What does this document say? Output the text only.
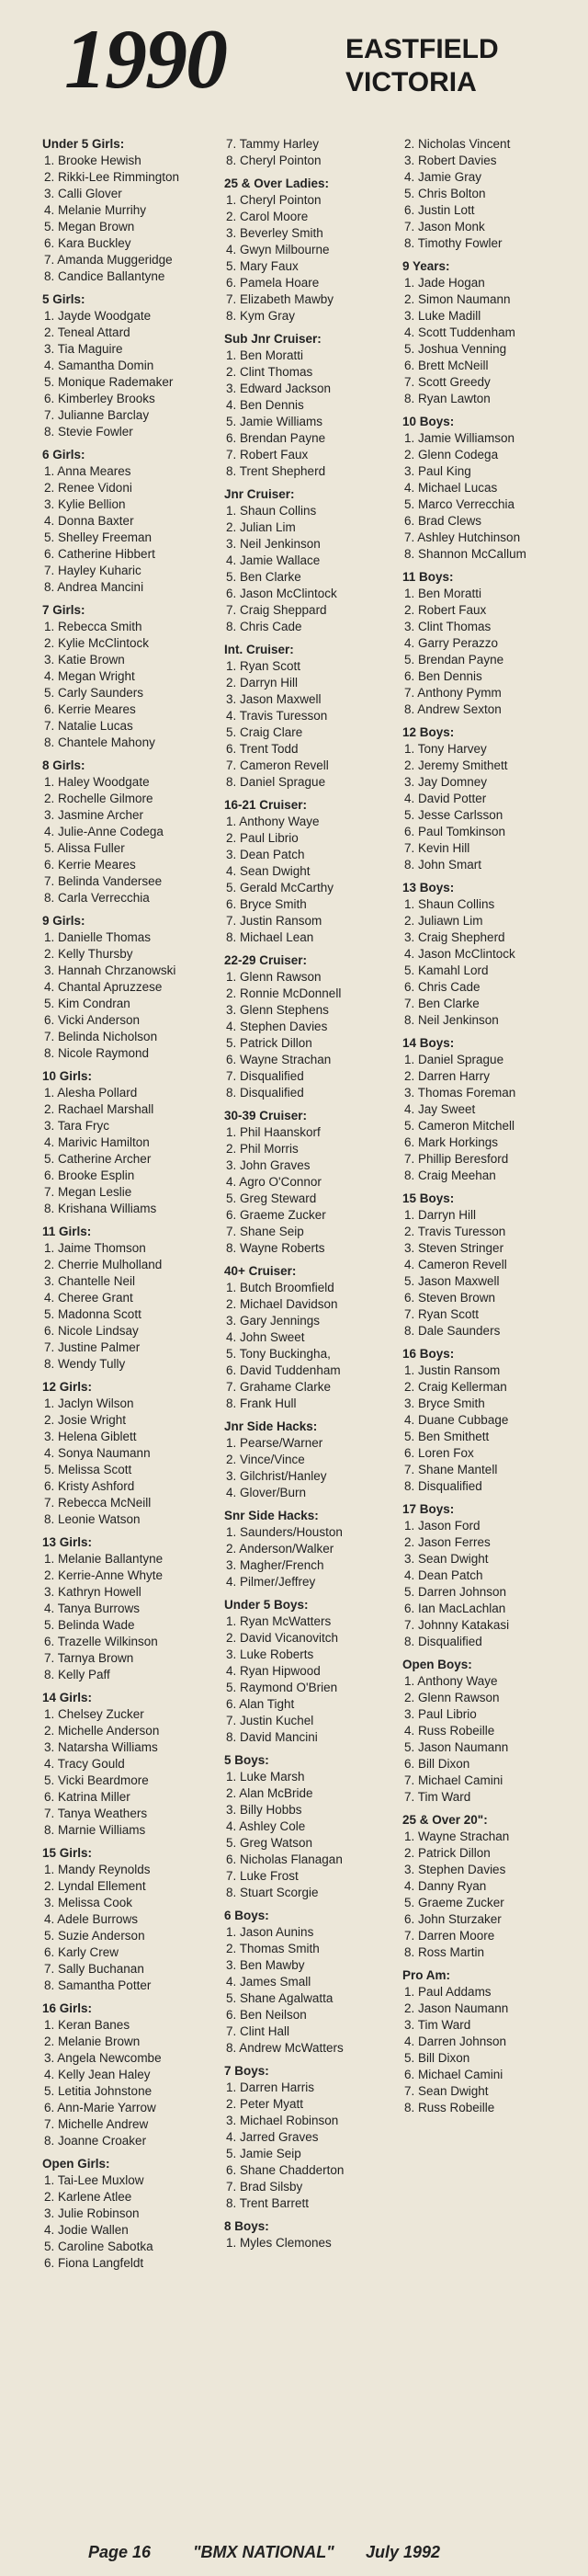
1990	EASTFIELD
VICTORIA
Under 5 Girls:
1. Brooke Hewish
2. Rikki-Lee Rimmington
3. Calli Glover
4. Melanie Murrihy
5. Megan Brown
6. Kara Buckley
7. Amanda Muggeridge
8. Candice Ballantyne
5 Girls:
1. Jayde Woodgate
2. Teneal Attard
3. Tia Maguire
4. Samantha Domin
5. Monique Rademaker
6. Kimberley Brooks
7. Julianne Barclay
8. Stevie Fowler
6 Girls:
1. Anna Meares
2. Renee Vidoni
3. Kylie Bellion
4. Donna Baxter
5. Shelley Freeman
6. Catherine Hibbert
7. Hayley Kuharic
8. Andrea Mancini
7 Girls:
1. Rebecca Smith
2. Kylie McClintock
3. Katie Brown
4. Megan Wright
5. Carly Saunders
6. Kerrie Meares
7. Natalie Lucas
8. Chantele Mahony
8 Girls:
1. Haley Woodgate
2. Rochelle Gilmore
3. Jasmine Archer
4. Julie-Anne Codega
5. Alissa Fuller
6. Kerrie Meares
7. Belinda Vandersee
8. Carla Verrecchia
9 Girls:
1. Danielle Thomas
2. Kelly Thursby
3. Hannah Chrzanowski
4. Chantal Apruzzese
5. Kim Condran
6. Vicki Anderson
7. Belinda Nicholson
8. Nicole Raymond
10 Girls:
1. Alesha Pollard
2. Rachael Marshall
3. Tara Fryc
4. Marivic Hamilton
5. Catherine Archer
6. Brooke Esplin
7. Megan Leslie
8. Krishana Williams
11 Girls:
1. Jaime Thomson
2. Cherrie Mulholland
3. Chantelle Neil
4. Cheree Grant
5. Madonna Scott
6. Nicole Lindsay
7. Justine Palmer
8. Wendy Tully
12 Girls:
1. Jaclyn Wilson
2. Josie Wright
3. Helena Giblett
4. Sonya Naumann
5. Melissa Scott
6. Kristy Ashford
7. Rebecca McNeill
8. Leonie Watson
13 Girls:
1. Melanie Ballantyne
2. Kerrie-Anne Whyte
3. Kathryn Howell
4. Tanya Burrows
5. Belinda Wade
6. Trazelle Wilkinson
7. Tarnya Brown
8. Kelly Paff
14 Girls:
1. Chelsey Zucker
2. Michelle Anderson
3. Natarsha Williams
4. Tracy Gould
5. Vicki Beardmore
6. Katrina Miller
7. Tanya Weathers
8. Marnie Williams
15 Girls:
1. Mandy Reynolds
2. Lyndal Ellement
3. Melissa Cook
4. Adele Burrows
5. Suzie Anderson
6. Karly Crew
7. Sally Buchanan
8. Samantha Potter
16 Girls:
1. Keran Banes
2. Melanie Brown
3. Angela Newcombe
4. Kelly Jean Haley
5. Letitia Johnstone
6. Ann-Marie Yarrow
7. Michelle Andrew
8. Joanne Croaker
Open Girls:
1. Tai-Lee Muxlow
2. Karlene Atlee
3. Julie Robinson
4. Jodie Wallen
5. Caroline Sabotka
6. Fiona Langfeldt
7. Tammy Harley
8. Cheryl Pointon
25 & Over Ladies:
1. Cheryl Pointon
2. Carol Moore
3. Beverley Smith
4. Gwyn Milbourne
5. Mary Faux
6. Pamela Hoare
7. Elizabeth Mawby
8. Kym Gray
Sub Jnr Cruiser:
1. Ben Moratti
2. Clint Thomas
3. Edward Jackson
4. Ben Dennis
5. Jamie Williams
6. Brendan Payne
7. Robert Faux
8. Trent Shepherd
Jnr Cruiser:
1. Shaun Collins
2. Julian Lim
3. Neil Jenkinson
4. Jamie Wallace
5. Ben Clarke
6. Jason McClintock
7. Craig Sheppard
8. Chris Cade
Int. Cruiser:
1. Ryan Scott
2. Darryn Hill
3. Jason Maxwell
4. Travis Turesson
5. Craig Clare
6. Trent Todd
7. Cameron Revell
8. Daniel Sprague
16-21 Cruiser:
1. Anthony Waye
2. Paul Librio
3. Dean Patch
4. Sean Dwight
5. Gerald McCarthy
6. Bryce Smith
7. Justin Ransom
8. Michael Lean
22-29 Cruiser:
1. Glenn Rawson
2. Ronnie McDonnell
3. Glenn Stephens
4. Stephen Davies
5. Patrick Dillon
6. Wayne Strachan
7. Disqualified
8. Disqualified
30-39 Cruiser:
1. Phil Haanskorf
2. Phil Morris
3. John Graves
4. Agro O'Connor
5. Greg Steward
6. Graeme Zucker
7. Shane Seip
8. Wayne Roberts
40+ Cruiser:
1. Butch Broomfield
2. Michael Davidson
3. Gary Jennings
4. John Sweet
5. Tony Buckingha,
6. David Tuddenham
7. Grahame Clarke
8. Frank Hull
Jnr Side Hacks:
1. Pearse/Warner
2. Vince/Vince
3. Gilchrist/Hanley
4. Glover/Burn
Snr Side Hacks:
1. Saunders/Houston
2. Anderson/Walker
3. Magher/French
4. Pilmer/Jeffrey
Under 5 Boys:
1. Ryan McWatters
2. David Vicanovitch
3. Luke Roberts
4. Ryan Hipwood
5. Raymond O'Brien
6. Alan Tight
7. Justin Kuchel
8. David Mancini
5 Boys:
1. Luke Marsh
2. Alan McBride
3. Billy Hobbs
4. Ashley Cole
5. Greg Watson
6. Nicholas Flanagan
7. Luke Frost
8. Stuart Scorgie
6 Boys:
1. Jason Aunins
2. Thomas Smith
3. Ben Mawby
4. James Small
5. Shane Agalwatta
6. Ben Neilson
7. Clint Hall
8. Andrew McWatters
7 Boys:
1. Darren Harris
2. Peter Myatt
3. Michael Robinson
4. Jarred Graves
5. Jamie Seip
6. Shane Chadderton
7. Brad Silsby
8. Trent Barrett
8 Boys:
1. Myles Clemones
2. Nicholas Vincent
3. Robert Davies
4. Jamie Gray
5. Chris Bolton
6. Justin Lott
7. Jason Monk
8. Timothy Fowler
9 Years:
1. Jade Hogan
2. Simon Naumann
3. Luke Madill
4. Scott Tuddenham
5. Joshua Venning
6. Brett McNeill
7. Scott Greedy
8. Ryan Lawton
10 Boys:
1. Jamie Williamson
2. Glenn Codega
3. Paul King
4. Michael Lucas
5. Marco Verrecchia
6. Brad Clews
7. Ashley Hutchinson
8. Shannon McCallum
11 Boys:
1. Ben Moratti
2. Robert Faux
3. Clint Thomas
4. Garry Perazzo
5. Brendan Payne
6. Ben Dennis
7. Anthony Pymm
8. Andrew Sexton
12 Boys:
1. Tony Harvey
2. Jeremy Smithett
3. Jay Domney
4. David Potter
5. Jesse Carlsson
6. Paul Tomkinson
7. Kevin Hill
8. John Smart
13 Boys:
1. Shaun Collins
2. Juliawn Lim
3. Craig Shepherd
4. Jason McClintock
5. Kamahl Lord
6. Chris Cade
7. Ben Clarke
8. Neil Jenkinson
14 Boys:
1. Daniel Sprague
2. Darren Harry
3. Thomas Foreman
4. Jay Sweet
5. Cameron Mitchell
6. Mark Horkings
7. Phillip Beresford
8. Craig Meehan
15 Boys:
1. Darryn Hill
2. Travis Turesson
3. Steven Stringer
4. Cameron Revell
5. Jason Maxwell
6. Steven Brown
7. Ryan Scott
8. Dale Saunders
16 Boys:
1. Justin Ransom
2. Craig Kellerman
3. Bryce Smith
4. Duane Cubbage
5. Ben Smithett
6. Loren Fox
7. Shane Mantell
8. Disqualified
17 Boys:
1. Jason Ford
2. Jason Ferres
3. Sean Dwight
4. Dean Patch
5. Darren Johnson
6. Ian MacLachlan
7. Johnny Katakasi
8. Disqualified
Open Boys:
1. Anthony Waye
2. Glenn Rawson
3. Paul Librio
4. Russ Robeille
5. Jason Naumann
6. Bill Dixon
7. Michael Camini
7. Tim Ward
25 & Over 20":
1. Wayne Strachan
2. Patrick Dillon
3. Stephen Davies
4. Danny Ryan
5. Graeme Zucker
6. John Sturzaker
7. Darren Moore
8. Ross Martin
Pro Am:
1. Paul Addams
2. Jason Naumann
3. Tim Ward
4. Darren Johnson
5. Bill Dixon
6. Michael Camini
7. Sean Dwight
8. Russ Robeille
Page 16	"BMX NATIONAL" July 1992
